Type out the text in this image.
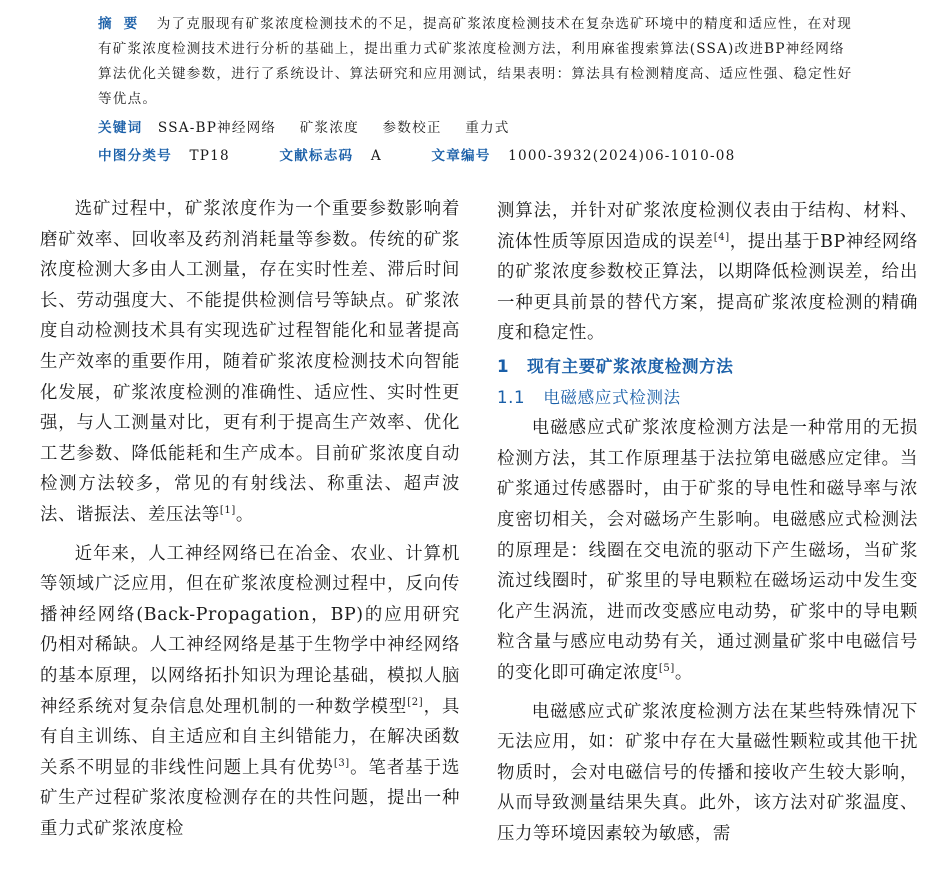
摘要 为了克服现有矿浆浓度检测技术的不足，提高矿浆浓度检测技术在复杂选矿环境中的精度和适应性，在对现有矿浆浓度检测技术进行分析的基础上，提出重力式矿浆浓度检测方法，利用麻雀搜索算法(SSA)改进BP神经网络算法优化关键参数，进行了系统设计、算法研究和应用测试，结果表明：算法具有检测精度高、适应性强、稳定性好等优点。

关键词 SSA-BP神经网络 矿浆浓度 参数校正 重力式

中图分类号 TP18	文献标志码 A	文章编号 1000-3932(2024)06-1010-08

选矿过程中，矿浆浓度作为一个重要参数影响着磨矿效率、回收率及药剂消耗量等参数。传统的矿浆浓度检测大多由人工测量，存在实时性差、滞后时间长、劳动强度大、不能提供检测信号等缺点。矿浆浓度自动检测技术具有实现选矿过程智能化和显著提高生产效率的重要作用，随着矿浆浓度检测技术向智能化发展，矿浆浓度检测的准确性、适应性、实时性更强，与人工测量对比，更有利于提高生产效率、优化工艺参数、降低能耗和生产成本。目前矿浆浓度自动检测方法较多，常见的有射线法、称重法、超声波法、谐振法、差压法等[1]。

近年来，人工神经网络已在冶金、农业、计算机等领域广泛应用，但在矿浆浓度检测过程中，反向传播神经网络(Back-Propagation，BP)的应用研究仍相对稀缺。人工神经网络是基于生物学中神经网络的基本原理，以网络拓扑知识为理论基础，模拟人脑神经系统对复杂信息处理机制的一种数学模型[2]，具有自主训练、自主适应和自主纠错能力，在解决函数关系不明显的非线性问题上具有优势[3]。笔者基于选矿生产过程矿浆浓度检测存在的共性问题，提出一种重力式矿浆浓度检

测算法，并针对矿浆浓度检测仪表由于结构、材料、流体性质等原因造成的误差[4]，提出基于BP神经网络的矿浆浓度参数校正算法，以期降低检测误差，给出一种更具前景的替代方案，提高矿浆浓度检测的精确度和稳定性。

1 现有主要矿浆浓度检测方法

1.1 电磁感应式检测法

电磁感应式矿浆浓度检测方法是一种常用的无损检测方法，其工作原理基于法拉第电磁感应定律。当矿浆通过传感器时，由于矿浆的导电性和磁导率与浓度密切相关，会对磁场产生影响。电磁感应式检测法的原理是：线圈在交电流的驱动下产生磁场，当矿浆流过线圈时，矿浆里的导电颗粒在磁场运动中发生变化产生涡流，进而改变感应电动势，矿浆中的导电颗粒含量与感应电动势有关，通过测量矿浆中电磁信号的变化即可确定浓度[5]。

电磁感应式矿浆浓度检测方法在某些特殊情况下无法应用，如：矿浆中存在大量磁性颗粒或其他干扰物质时，会对电磁信号的传播和接收产生较大影响，从而导致测量结果失真。此外，该方法对矿浆温度、压力等环境因素较为敏感，需
